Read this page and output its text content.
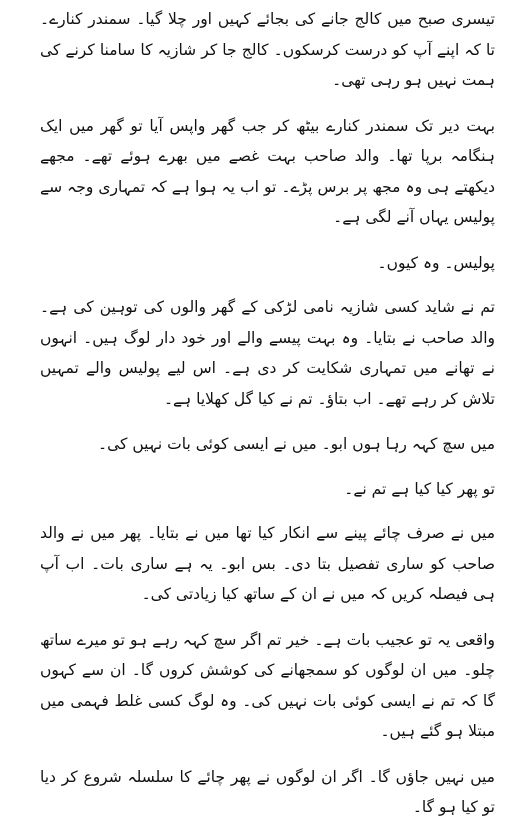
تیسری صبح میں کالج جانے کی بجائے کہیں اور چلا گیا۔ سمندر کنارے۔ تا کہ اپنے آپ کو درست کرسکوں۔ کالج جا کر شازیہ کا سامنا کرنے کی ہمت نہیں ہو رہی تھی۔

بہت دیر تک سمندر کنارے بیٹھ کر جب گھر واپس آیا تو گھر میں ایک ہنگامہ برپا تھا۔ والد صاحب بہت غصے میں بھرے ہوئے تھے۔ مجھے دیکھتے ہی وہ مجھ پر برس پڑے۔ تو اب یہ ہوا ہے کہ تمہاری وجہ سے پولیس یہاں آنے لگی ہے۔

پولیس۔ وہ کیوں۔

تم نے شاید کسی شازیہ نامی لڑکی کے گھر والوں کی توہین کی ہے۔ والد صاحب نے بتایا۔ وہ بہت پیسے والے اور خود دار لوگ ہیں۔ انہوں نے تھانے میں تمہاری شکایت کر دی ہے۔ اس لیے پولیس والے تمہیں تلاش کر رہے تھے۔ اب بتاؤ۔ تم نے کیا گل کھلایا ہے۔

میں سچ کہہ رہا ہوں ابو۔ میں نے ایسی کوئی بات نہیں کی۔

تو پھر کیا کیا ہے تم نے۔

میں نے صرف چائے پینے سے انکار کیا تھا میں نے بتایا۔ پھر میں نے والد صاحب کو ساری تفصیل بتا دی۔ بس ابو۔ یہ ہے ساری بات۔ اب آپ ہی فیصلہ کریں کہ میں نے ان کے ساتھ کیا زیادتی کی۔

واقعی یہ تو عجیب بات ہے۔ خیر تم اگر سچ کہہ رہے ہو تو میرے ساتھ چلو۔ میں ان لوگوں کو سمجھانے کی کوشش کروں گا۔ ان سے کہوں گا کہ تم نے ایسی کوئی بات نہیں کی۔ وہ لوگ کسی غلط فہمی میں مبتلا ہو گئے ہیں۔

میں نہیں جاؤں گا۔ اگر ان لوگوں نے پھر چائے کا سلسلہ شروع کر دیا تو کیا ہو گا۔
